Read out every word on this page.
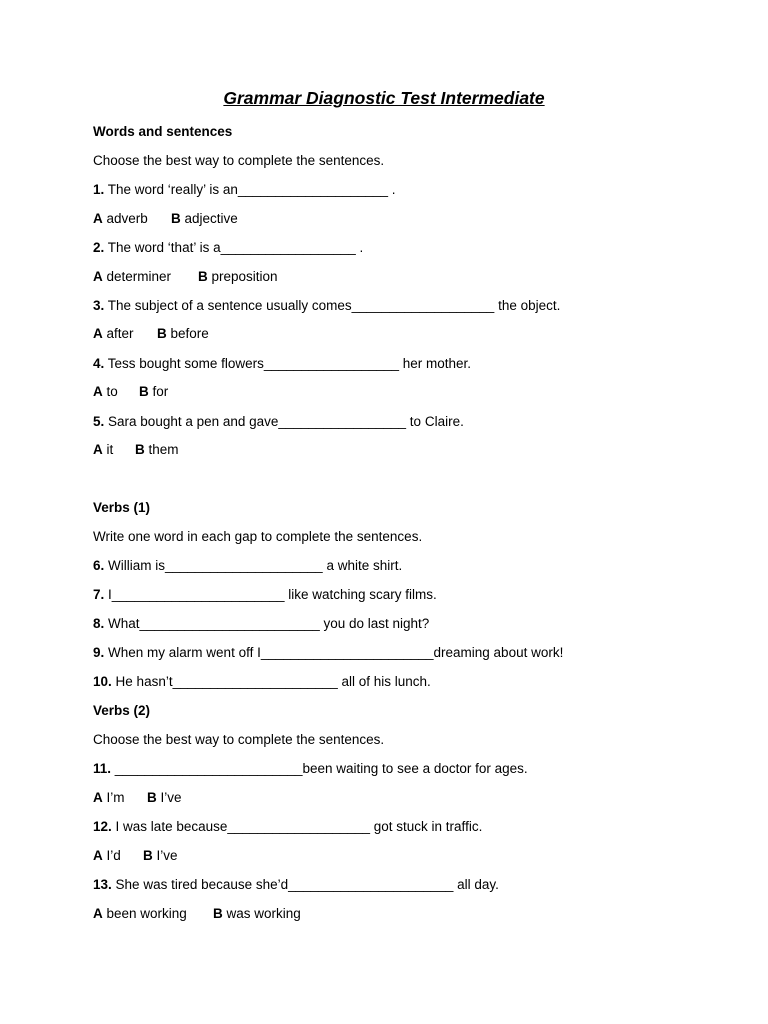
Grammar Diagnostic Test Intermediate
Words and sentences
Choose the best way to complete the sentences.
1. The word ‘really’ is an____________________ .
A adverb B adjective
2. The word ‘that’ is a__________________ .
A determiner B preposition
3. The subject of a sentence usually comes___________________ the object.
A after B before
4. Tess bought some flowers__________________ her mother.
A to B for
5. Sara bought a pen and gave_________________ to Claire.
A it B them
Verbs (1)
Write one word in each gap to complete the sentences.
6. William is_____________________ a white shirt.
7. I_______________________ like watching scary films.
8. What________________________ you do last night?
9. When my alarm went off I_______________________dreaming about work!
10. He hasn’t______________________ all of his lunch.
Verbs (2)
Choose the best way to complete the sentences.
11. _________________________been waiting to see a doctor for ages.
A I’m B I’ve
12. I was late because___________________ got stuck in traffic.
A I’d B I’ve
13. She was tired because she’d______________________ all day.
A been working B was working
